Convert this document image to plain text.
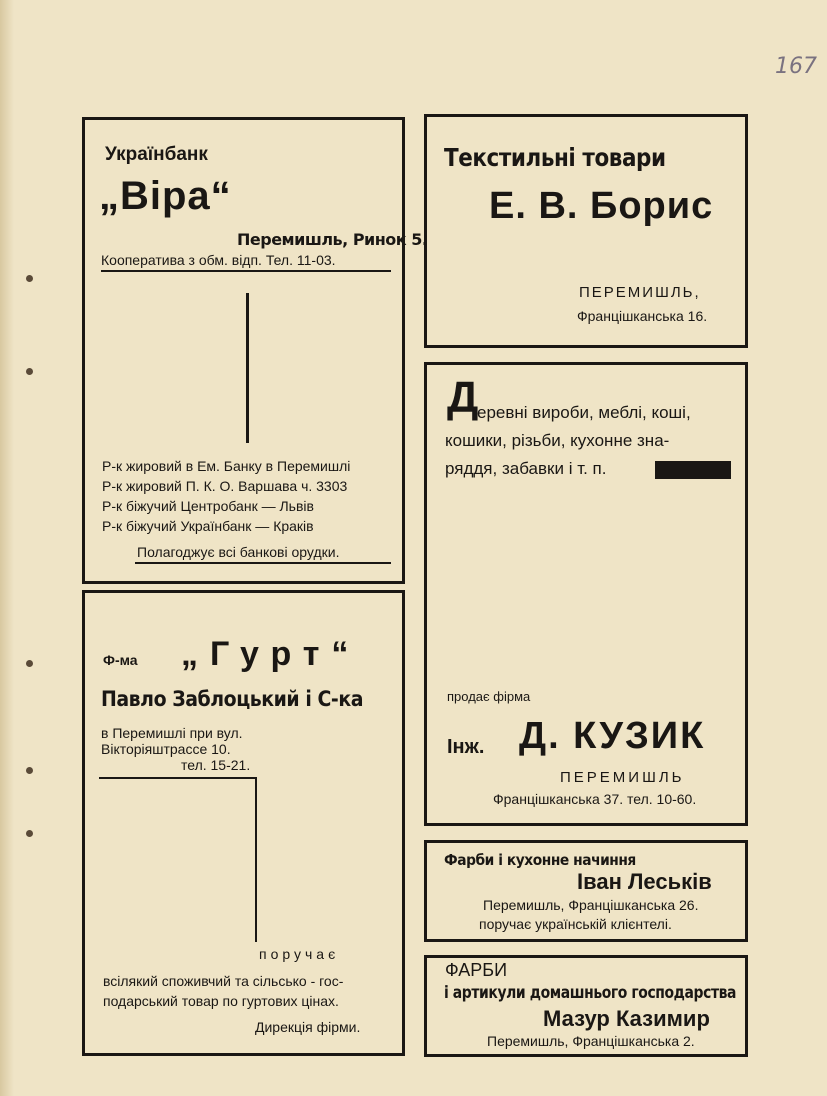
167
Українбанк
„Віра“
Перемишль, Ринок 5.
Кооператива з обм. відп. Тел. 11-03.
Р-к жировий в Ем. Банку в Перемишлі
Р-к жировий П. К. О. Варшава ч. 3303
Р-к біжучий Центробанк — Львів
Р-к біжучий Українбанк — Краків
Полагоджує всі банкові орудки.
Ф-ма „Гурт“
Павло Заблоцький і С-ка
в Перемишлі при вул.
Вікторіяштрассе 10.
тел. 15-21.
поручає
всілякий споживчий та сільсько - гос-
подарський товар по гуртових цінах.
Дирекція фірми.
Текстильні товари
Е. В. Борис
ПЕРЕМИШЛЬ,
Францішканська 16.
Д
еревні вироби, меблі, коші,
кошики, різьби, кухонне зна-
ряддя, забавки і т. п.
продає фірма
Інж. Д. КУЗИК
ПЕРЕМИШЛЬ
Францішканська 37. тел. 10-60.
Фарби і кухонне начиння
Іван Леськів
Перемишль, Францішканська 26.
поручає українській клієнтелі.
ФАРБИ
і артикули домашнього господарства
Мазур Казимир
Перемишль, Францішканська 2.
